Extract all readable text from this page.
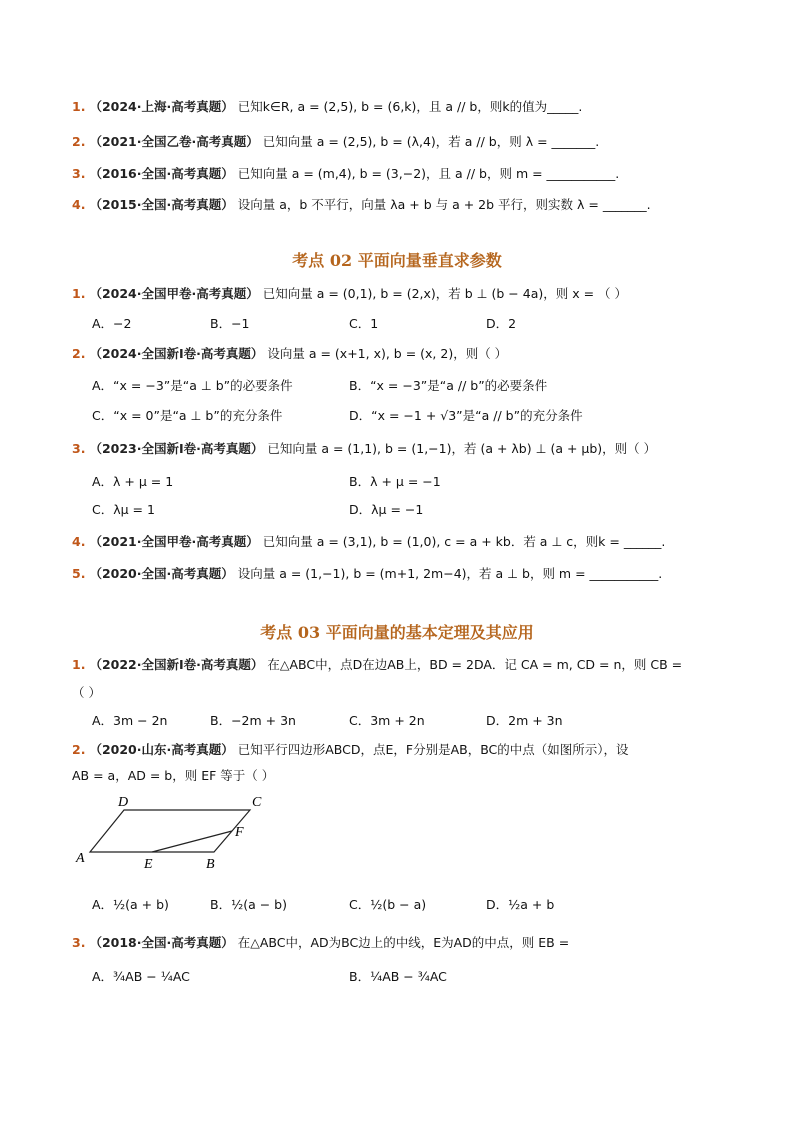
1. （2024·上海·高考真题） 已知k∈R, a = (2,5), b = (6,k)，且 a // b，则k的值为_____.
2. （2021·全国乙卷·高考真题） 已知向量 a = (2,5), b = (λ,4)，若 a // b，则 λ = _______.
3. （2016·全国·高考真题） 已知向量 a = (m,4), b = (3,−2)，且 a // b，则 m = ___________.
4. （2015·全国·高考真题） 设向量 a，b 不平行，向量 λa + b 与 a + 2b 平行，则实数 λ = _______.
考点 02 平面向量垂直求参数
1. （2024·全国甲卷·高考真题） 已知向量 a = (0,1), b = (2,x)，若 b ⊥ (b − 4a)，则 x = （ ）
A．−2	B．−1	C．1	D．2
2. （2024·全国新Ⅰ卷·高考真题） 设向量 a = (x+1, x), b = (x, 2)，则（ ）
A．“x = −3”是“a ⊥ b”的必要条件	B．“x = −3”是“a // b”的必要条件
C．“x = 0”是“a ⊥ b”的充分条件	D．“x = −1 + √3”是“a // b”的充分条件
3. （2023·全国新Ⅰ卷·高考真题） 已知向量 a = (1,1), b = (1,−1)，若 (a + λb) ⊥ (a + μb)，则（ ）
A．λ + μ = 1	B．λ + μ = −1
C．λμ = 1	D．λμ = −1
4. （2021·全国甲卷·高考真题） 已知向量 a = (3,1), b = (1,0), c = a + kb．若 a ⊥ c，则k = ______.
5. （2020·全国·高考真题） 设向量 a = (1,−1), b = (m+1, 2m−4)，若 a ⊥ b，则 m = ___________.
考点 03 平面向量的基本定理及其应用
1. （2022·全国新Ⅰ卷·高考真题） 在△ABC中，点D在边AB上，BD = 2DA．记 CA = m, CD = n，则 CB =
（ ）
A．3m − 2n	B．−2m + 3n	C．3m + 2n	D．2m + 3n
2. （2020·山东·高考真题） 已知平行四边形ABCD，点E，F分别是AB，BC的中点（如图所示），设
AB = a，AD = b，则 EF 等于（ ）
A
D	C
F
E	B
A．½(a + b)	B．½(a − b)	C．½(b − a)	D．½a + b
3. （2018·全国·高考真题） 在△ABC中，AD为BC边上的中线，E为AD的中点，则 EB =
A．¾AB − ¼AC	B．¼AB − ¾AC
